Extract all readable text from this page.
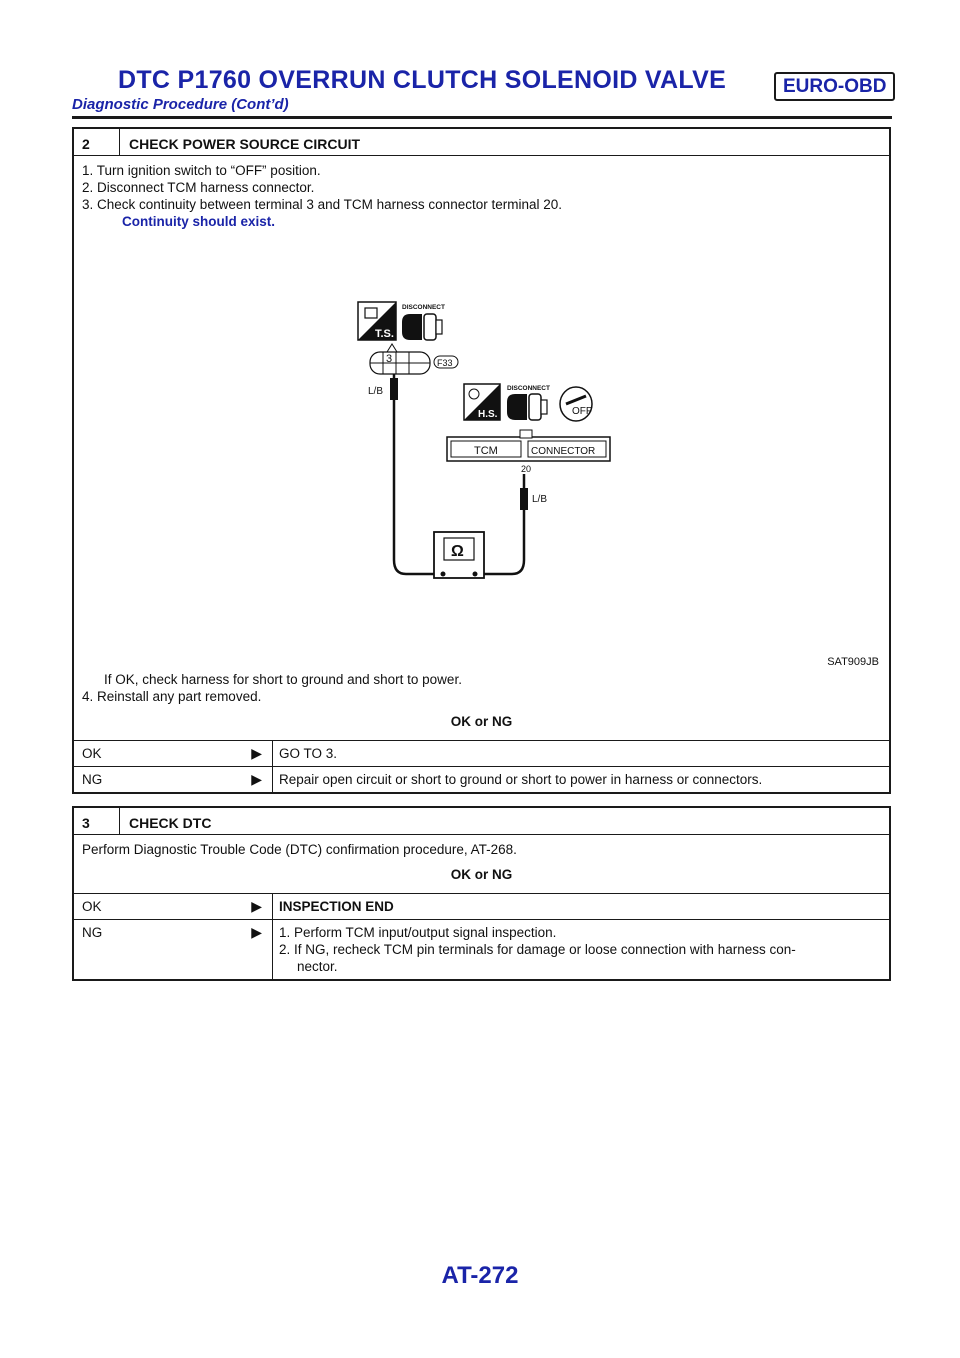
DTC P1760 OVERRUN CLUTCH SOLENOID VALVE	EURO-OBD
Diagnostic Procedure (Cont’d)
2	CHECK POWER SOURCE CIRCUIT
1. Turn ignition switch to “OFF” position.
2. Disconnect TCM harness connector.
3. Check continuity between terminal 3 and TCM harness connector terminal 20.
Continuity should exist.
T.S.
DISCONNECT
3	F33
L/B
H.S.
DISCONNECT
OFF
TCM	CONNECTOR
20
L/B
Ω
SAT909JB
If OK, check harness for short to ground and short to power.
4. Reinstall any part removed.
OK or NG
OK	▶	GO TO 3.
NG	▶	Repair open circuit or short to ground or short to power in harness or connectors.
3	CHECK DTC
Perform Diagnostic Trouble Code (DTC) confirmation procedure, AT-268.
OK or NG
OK	▶	INSPECTION END
NG	▶ 1. Perform TCM input/output signal inspection.
2. If NG, recheck TCM pin terminals for damage or loose connection with harness con-
nector.
AT-272
